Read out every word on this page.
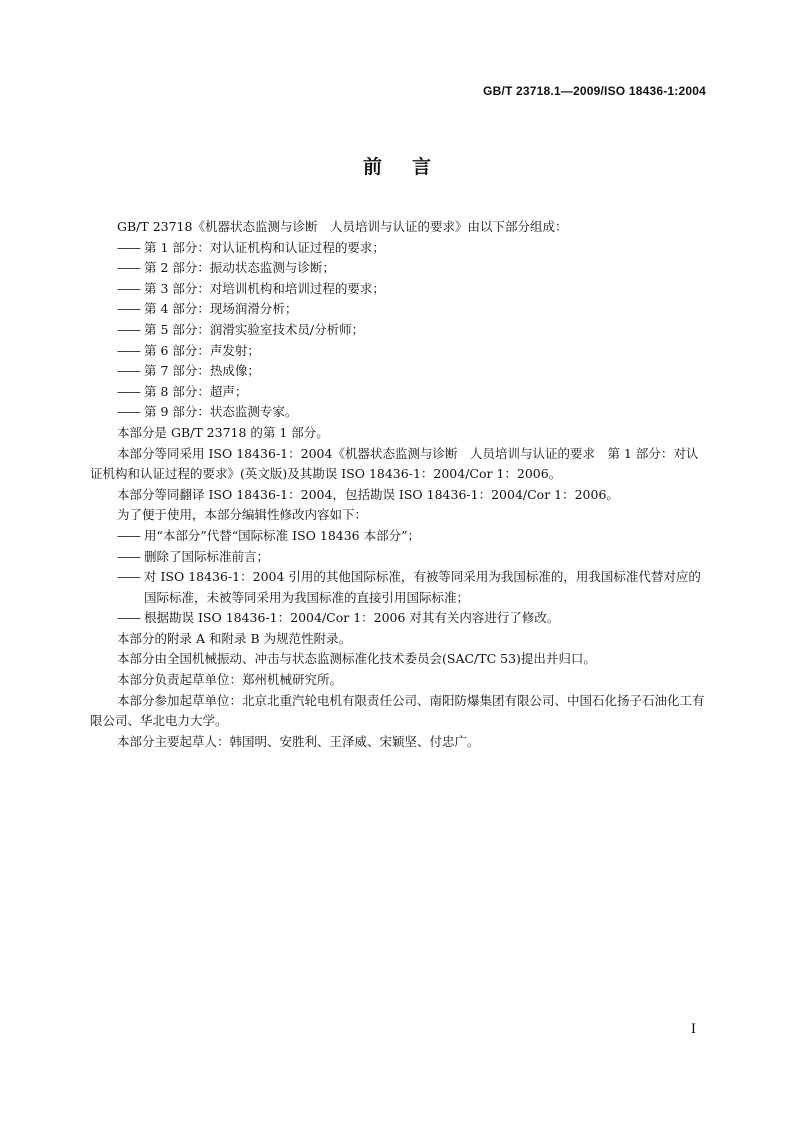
GB/T 23718.1—2009/ISO 18436-1:2004
前言

GB/T 23718《机器状态监测与诊断　人员培训与认证的要求》由以下部分组成：

—— 第 1 部分：对认证机构和认证过程的要求；

—— 第 2 部分：振动状态监测与诊断；

—— 第 3 部分：对培训机构和培训过程的要求；

—— 第 4 部分：现场润滑分析；

—— 第 5 部分：润滑实验室技术员/分析师；

—— 第 6 部分：声发射；

—— 第 7 部分：热成像；

—— 第 8 部分：超声；

—— 第 9 部分：状态监测专家。

本部分是 GB/T 23718 的第 1 部分。

本部分等同采用 ISO 18436-1：2004《机器状态监测与诊断　人员培训与认证的要求　第 1 部分：对认证机构和认证过程的要求》(英文版)及其勘误 ISO 18436-1：2004/Cor 1：2006。

本部分等同翻译 ISO 18436-1：2004，包括勘误 ISO 18436-1：2004/Cor 1：2006。

为了便于使用，本部分编辑性修改内容如下：

—— 用“本部分”代替“国际标准 ISO 18436 本部分”；

—— 删除了国际标准前言；

—— 对 ISO 18436-1：2004 引用的其他国际标准，有被等同采用为我国标准的，用我国标准代替对应的国际标准，未被等同采用为我国标准的直接引用国际标准；

—— 根据勘误 ISO 18436-1：2004/Cor 1：2006 对其有关内容进行了修改。

本部分的附录 A 和附录 B 为规范性附录。

本部分由全国机械振动、冲击与状态监测标准化技术委员会(SAC/TC 53)提出并归口。

本部分负责起草单位：郑州机械研究所。

本部分参加起草单位：北京北重汽轮电机有限责任公司、南阳防爆集团有限公司、中国石化扬子石油化工有限公司、华北电力大学。

本部分主要起草人：韩国明、安胜利、王泽威、宋颖坚、付忠广。

I
